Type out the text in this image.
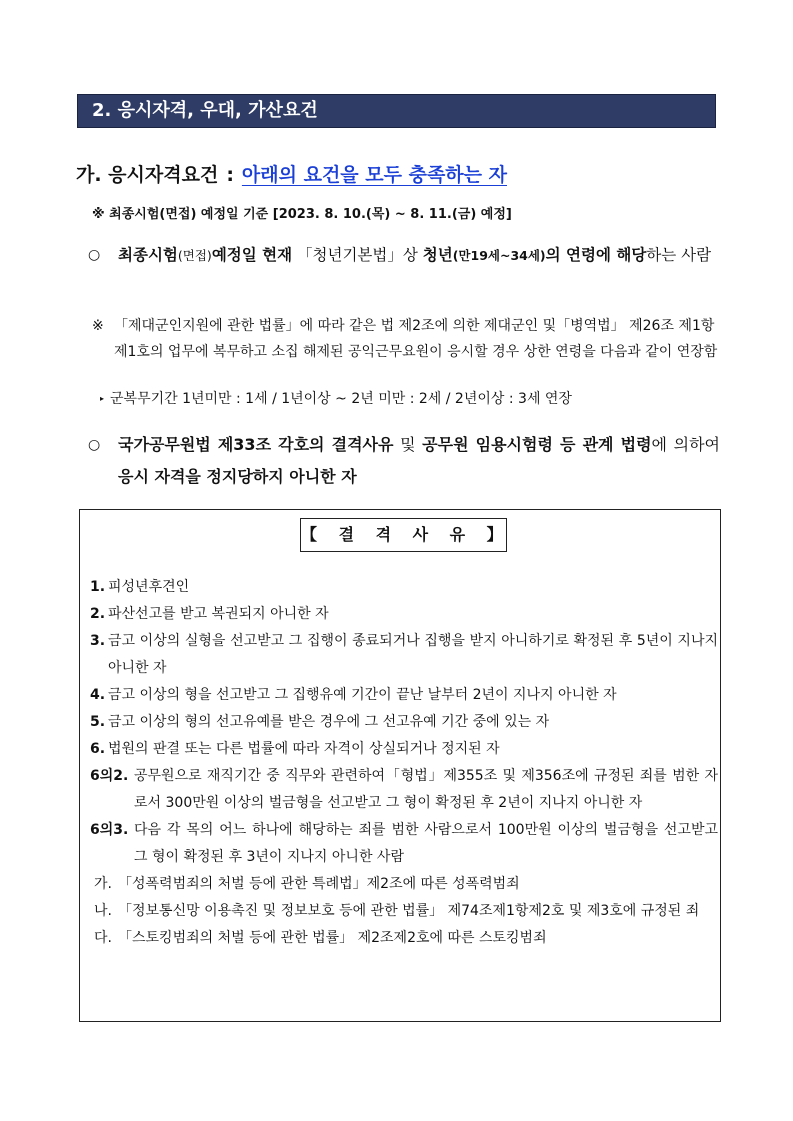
2. 응시자격, 우대, 가산요건
가. 응시자격요건 : 아래의 요건을 모두 충족하는 자
※ 최종시험(면접) 예정일 기준 [2023. 8. 10.(목) ~ 8. 11.(금) 예정]
○	최종시험(면접)예정일 현재 「청년기본법」상 청년(만19세~34세)의 연령에 해당하는 사람
※ 「제대군인지원에 관한 법률」에 따라 같은 법 제2조에 의한 제대군인 및「병역법」 제26조 제1항 제1호의 업무에 복무하고 소집 해제된 공익근무요원이 응시할 경우 상한 연령을 다음과 같이 연장함
▸ 군복무기간 1년미만 : 1세 / 1년이상 ~ 2년 미만 : 2세 / 2년이상 : 3세 연장
○	국가공무원법 제33조 각호의 결격사유 및 공무원 임용시험령 등 관계 법령에 의하여 응시 자격을 정지당하지 아니한 자
【 결 격 사 유 】
1. 피성년후견인
2. 파산선고를 받고 복권되지 아니한 자
3. 금고 이상의 실형을 선고받고 그 집행이 종료되거나 집행을 받지 아니하기로 확정된 후 5년이 지나지 아니한 자
4. 금고 이상의 형을 선고받고 그 집행유예 기간이 끝난 날부터 2년이 지나지 아니한 자
5. 금고 이상의 형의 선고유예를 받은 경우에 그 선고유예 기간 중에 있는 자
6. 법원의 판결 또는 다른 법률에 따라 자격이 상실되거나 정지된 자
6의2. 공무원으로 재직기간 중 직무와 관련하여「형법」제355조 및 제356조에 규정된 죄를 범한 자로서 300만원 이상의 벌금형을 선고받고 그 형이 확정된 후 2년이 지나지 아니한 자
6의3. 다음 각 목의 어느 하나에 해당하는 죄를 범한 사람으로서 100만원 이상의 벌금형을 선고받고 그 형이 확정된 후 3년이 지나지 아니한 사람
가. 「성폭력범죄의 처벌 등에 관한 특례법」제2조에 따른 성폭력범죄
나. 「정보통신망 이용촉진 및 정보보호 등에 관한 법률」 제74조제1항제2호 및 제3호에 규정된 죄
다. 「스토킹범죄의 처벌 등에 관한 법률」 제2조제2호에 따른 스토킹범죄
